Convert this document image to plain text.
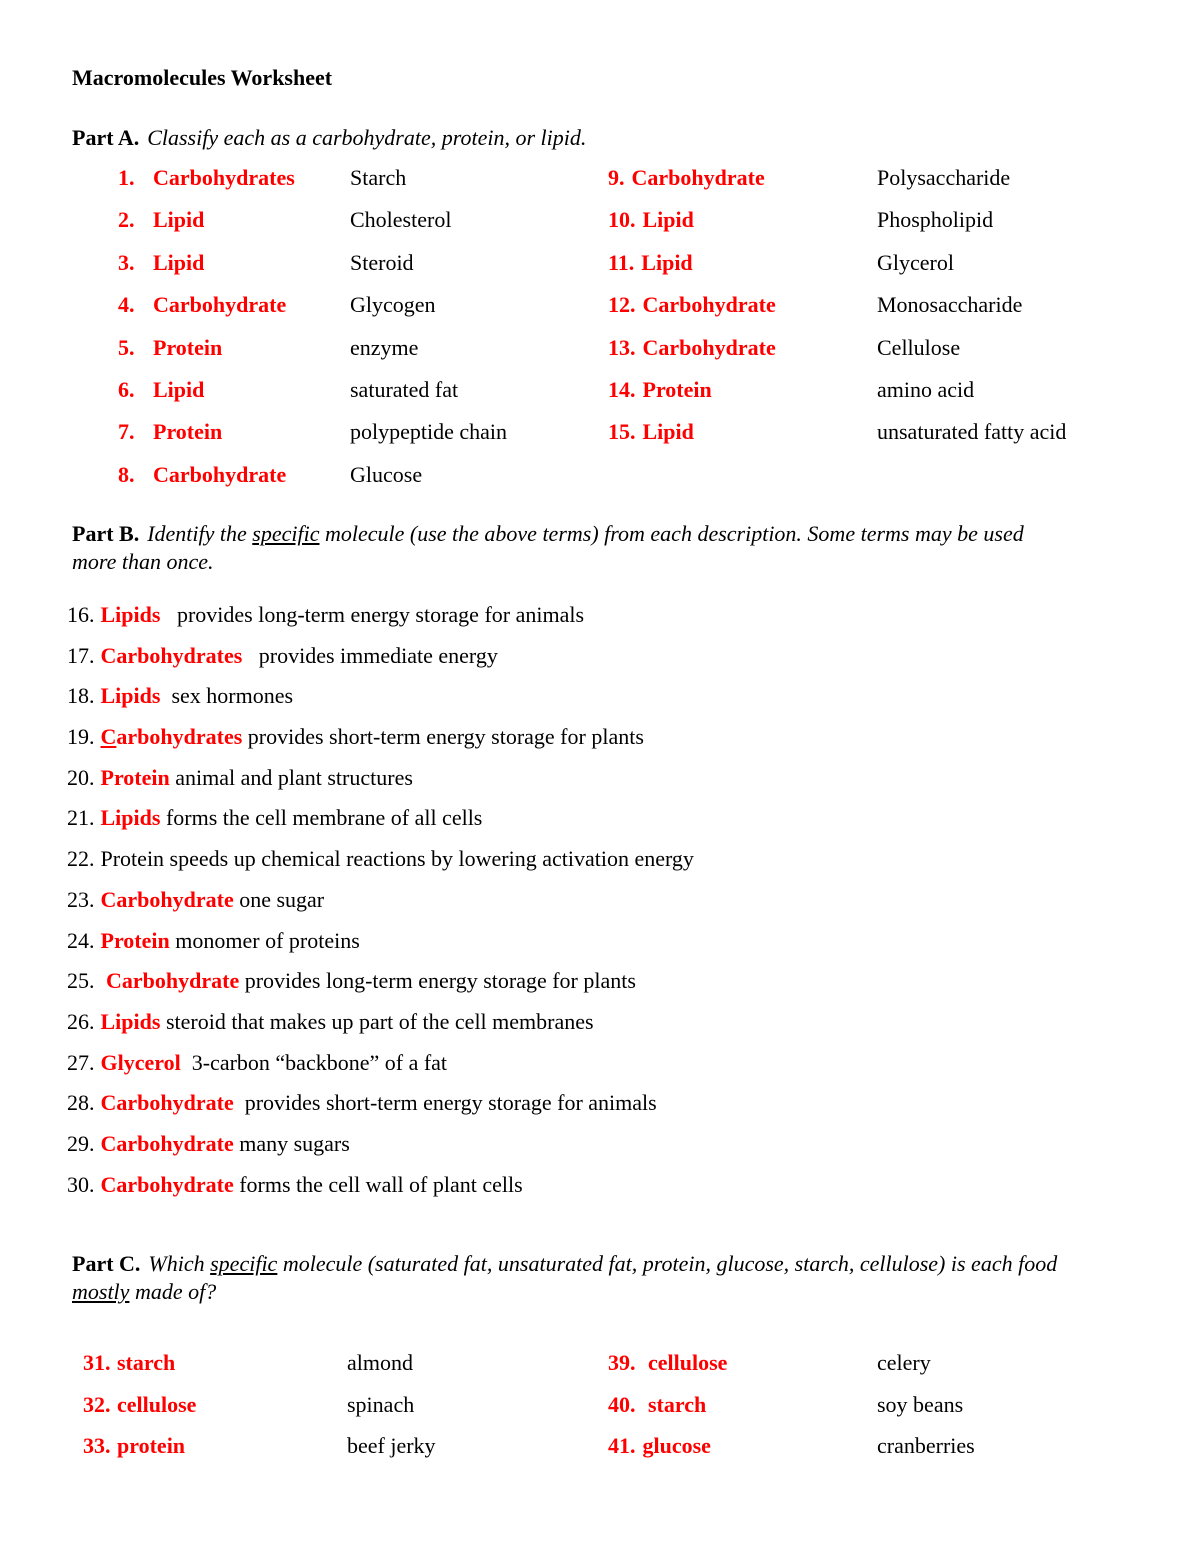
Macromolecules Worksheet
Part A. Classify each as a carbohydrate, protein, or lipid.
1. Carbohydrates	Starch	9. Carbohydrate	Polysaccharide
2. Lipid	Cholesterol	10. Lipid	Phospholipid
3. Lipid	Steroid	11. Lipid	Glycerol
4. Carbohydrate	Glycogen	12. Carbohydrate	Monosaccharide
5. Protein	enzyme	13. Carbohydrate	Cellulose
6. Lipid	saturated fat	14. Protein	amino acid
7. Protein	polypeptide chain	15. Lipid	unsaturated fatty acid
8. Carbohydrate	Glucose
Part B. Identify the specific molecule (use the above terms) from each description. Some terms may be used
more than once.
16. Lipids   provides long-term energy storage for animals
17. Carbohydrates   provides immediate energy
18. Lipids  sex hormones
19. Carbohydrates provides short-term energy storage for plants
20. Protein animal and plant structures
21. Lipids forms the cell membrane of all cells
22. Protein speeds up chemical reactions by lowering activation energy
23. Carbohydrate one sugar
24. Protein monomer of proteins
25. Carbohydrate provides long-term energy storage for plants
26. Lipids steroid that makes up part of the cell membranes
27. Glycerol  3-carbon “backbone” of a fat
28. Carbohydrate  provides short-term energy storage for animals
29. Carbohydrate many sugars
30. Carbohydrate forms the cell wall of plant cells
Part C. Which specific molecule (saturated fat, unsaturated fat, protein, glucose, starch, cellulose) is each food
mostly made of?
31. starch	almond	39. cellulose	celery
32. cellulose	spinach	40. starch	soy beans
33. protein	beef jerky	41. glucose	cranberries
